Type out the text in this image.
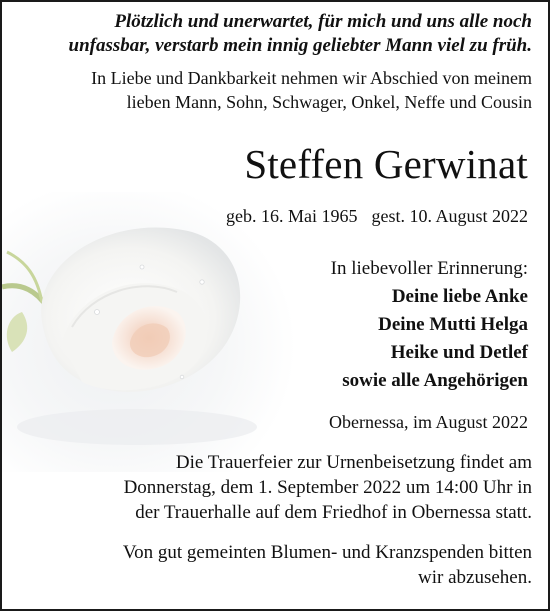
Plötzlich und unerwartet, für mich und uns alle noch

unfassbar, verstarb mein innig geliebter Mann viel zu früh.

In Liebe und Dankbarkeit nehmen wir Abschied von meinem

lieben Mann, Sohn, Schwager, Onkel, Neffe und Cousin

Steffen Gerwinat

geb. 16. Mai 1965 gest. 10. August 2022

In liebevoller Erinnerung:

Deine liebe Anke

Deine Mutti Helga

Heike und Detlef

sowie alle Angehörigen

Obernessa, im August 2022

Die Trauerfeier zur Urnenbeisetzung findet am
Donnerstag, dem 1. September 2022 um 14:00 Uhr in
der Trauerhalle auf dem Friedhof in Obernessa statt.
Von gut gemeinten Blumen- und Kranzspenden bitten
wir abzusehen.
